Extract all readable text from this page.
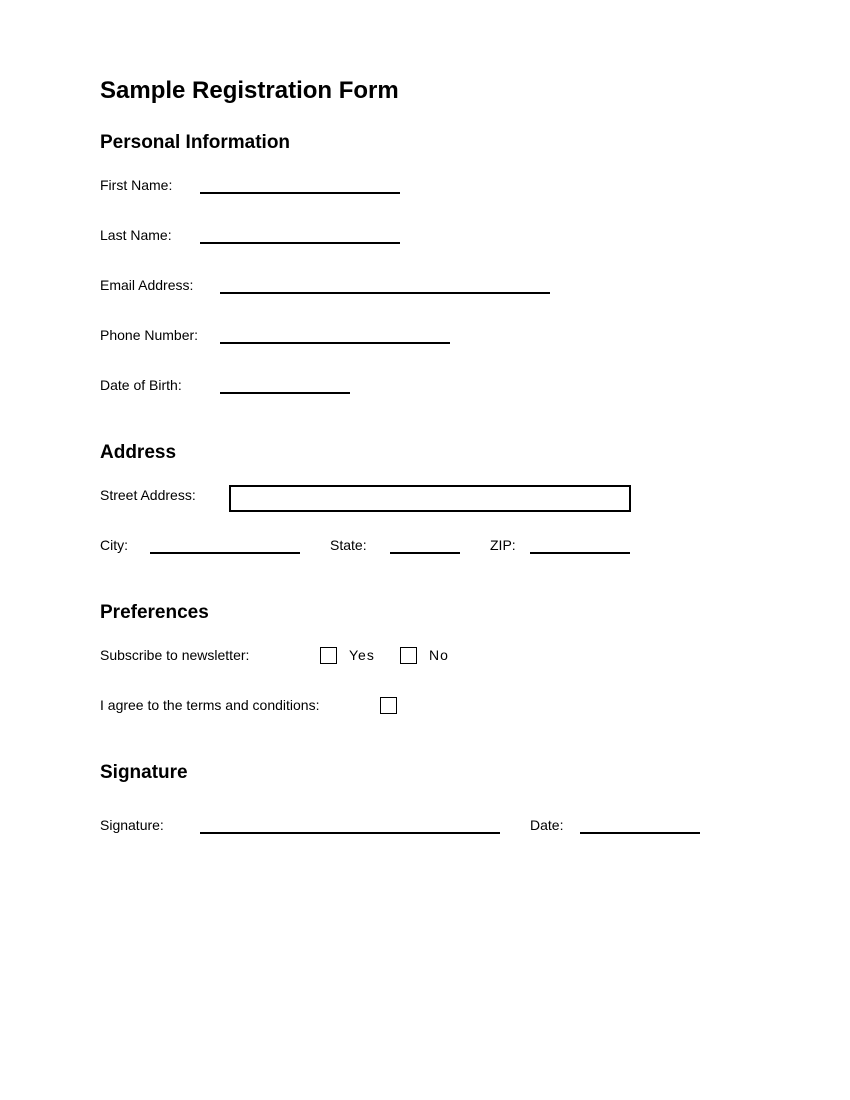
Sample Registration Form
Personal Information
First Name:
Last Name:
Email Address:
Phone Number:
Date of Birth:
Address
Street Address:
City:	State:	ZIP:
Preferences
Subscribe to newsletter:	Yes	No
I agree to the terms and conditions:
Signature
Signature:	Date:
